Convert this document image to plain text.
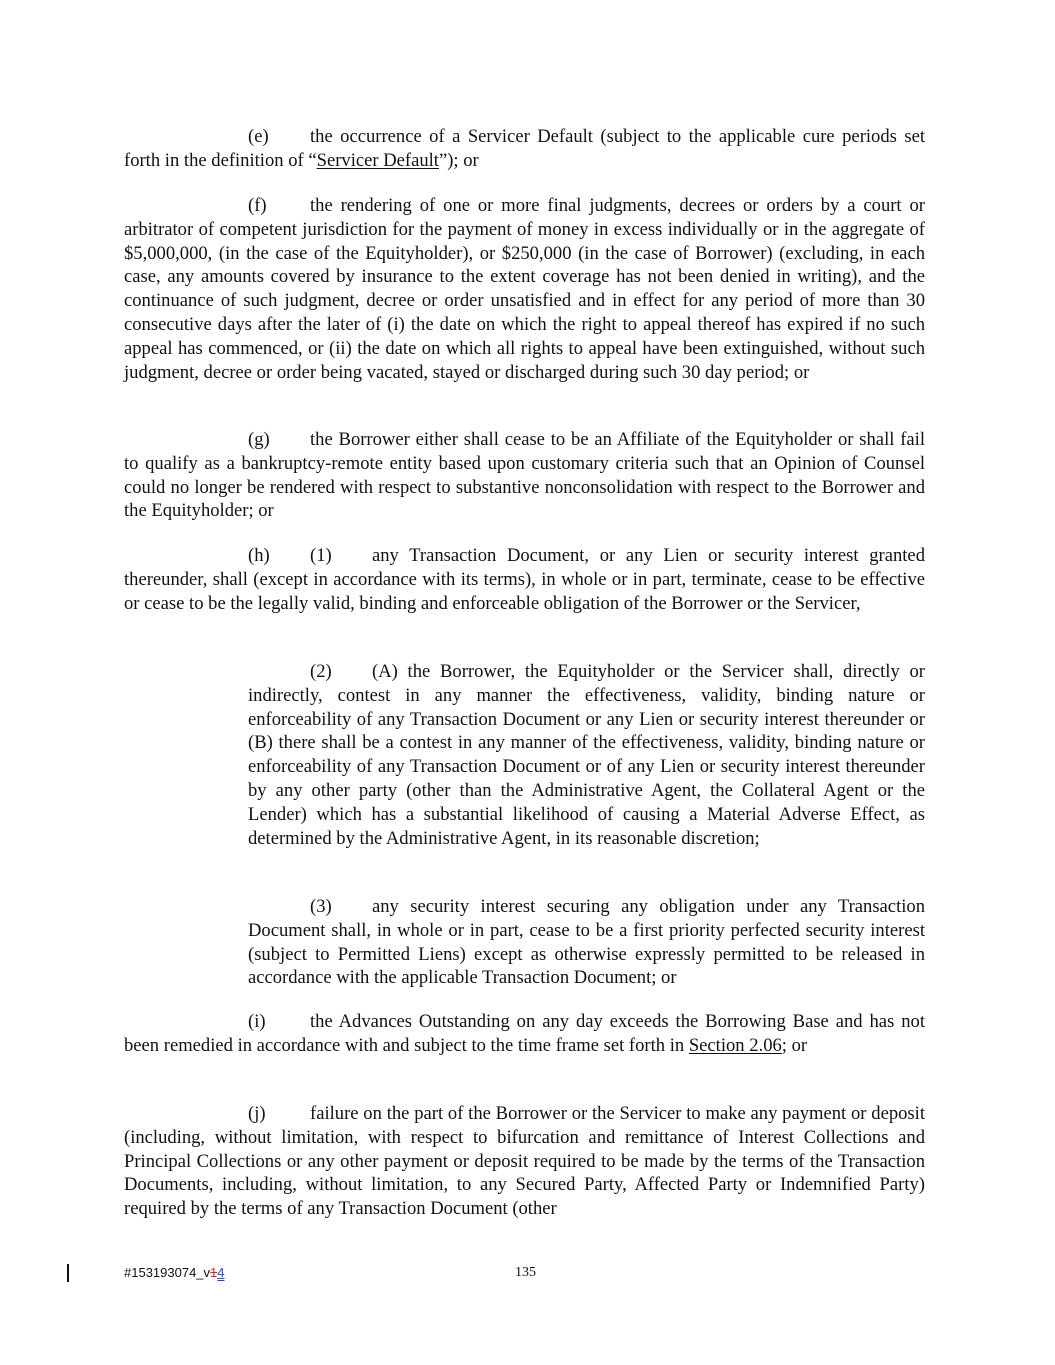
(e) the occurrence of a Servicer Default (subject to the applicable cure periods set forth in the definition of “Servicer Default”); or

(f) the rendering of one or more final judgments, decrees or orders by a court or arbitrator of competent jurisdiction for the payment of money in excess individually or in the aggregate of $5,000,000, (in the case of the Equityholder), or $250,000 (in the case of Borrower) (excluding, in each case, any amounts covered by insurance to the extent coverage has not been denied in writing), and the continuance of such judgment, decree or order unsatisfied and in effect for any period of more than 30 consecutive days after the later of (i) the date on which the right to appeal thereof has expired if no such appeal has commenced, or (ii) the date on which all rights to appeal have been extinguished, without such judgment, decree or order being vacated, stayed or discharged during such 30 day period; or

(g) the Borrower either shall cease to be an Affiliate of the Equityholder or shall fail to qualify as a bankruptcy-remote entity based upon customary criteria such that an Opinion of Counsel could no longer be rendered with respect to substantive nonconsolidation with respect to the Borrower and the Equityholder; or

(h) (1) any Transaction Document, or any Lien or security interest granted thereunder, shall (except in accordance with its terms), in whole or in part, terminate, cease to be effective or cease to be the legally valid, binding and enforceable obligation of the Borrower or the Servicer,

(2) (A) the Borrower, the Equityholder or the Servicer shall, directly or indirectly, contest in any manner the effectiveness, validity, binding nature or enforceability of any Transaction Document or any Lien or security interest thereunder or (B) there shall be a contest in any manner of the effectiveness, validity, binding nature or enforceability of any Transaction Document or of any Lien or security interest thereunder by any other party (other than the Administrative Agent, the Collateral Agent or the Lender) which has a substantial likelihood of causing a Material Adverse Effect, as determined by the Administrative Agent, in its reasonable discretion;

(3) any security interest securing any obligation under any Transaction Document shall, in whole or in part, cease to be a first priority perfected security interest (subject to Permitted Liens) except as otherwise expressly permitted to be released in accordance with the applicable Transaction Document; or

(i) the Advances Outstanding on any day exceeds the Borrowing Base and has not been remedied in accordance with and subject to the time frame set forth in Section 2.06; or

(j) failure on the part of the Borrower or the Servicer to make any payment or deposit (including, without limitation, with respect to bifurcation and remittance of Interest Collections and Principal Collections or any other payment or deposit required to be made by the terms of the Transaction Documents, including, without limitation, to any Secured Party, Affected Party or Indemnified Party) required by the terms of any Transaction Document (other

#153193074_v14	135
